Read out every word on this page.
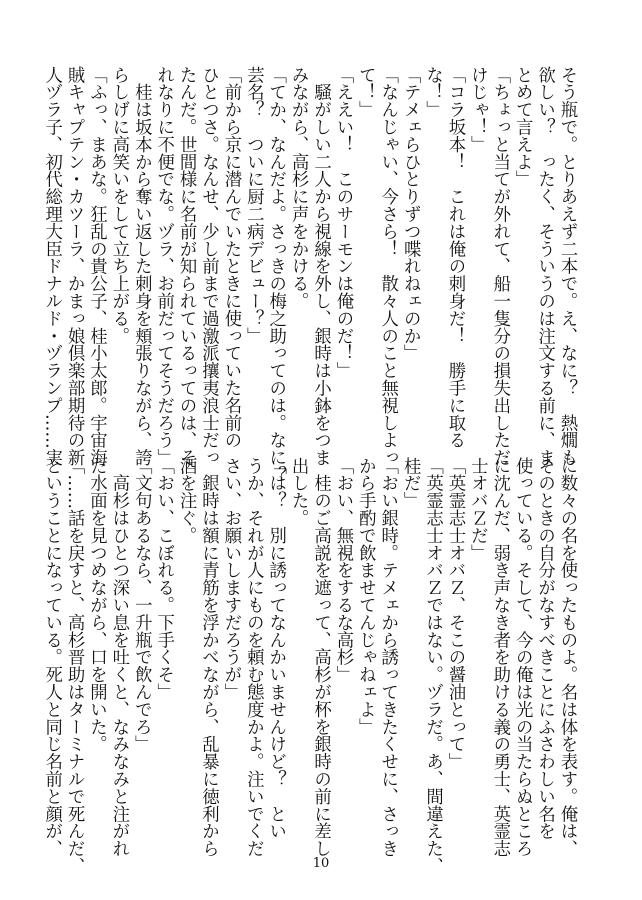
そう瓶で。とりあえず二本で。え、なに？　熱燗も
欲しい？　ったく、そういうのは注文する前に、ま
とめて言えよ」
「ちょっと当てが外れて、船一隻分の損失出しただ
けじゃ！」
「コラ坂本！　これは俺の刺身だ！　勝手に取る
な！」
「テメェらひとりずつ喋れねェのか」
「なんじゃい、今さら！　散々人のこと無視しよっ
て！」
「ええい！　このサーモンは俺のだ！」
　騒がしい二人から視線を外し、銀時は小鉢をつま
みながら、高杉に声をかける。
「てか、なんだよ。さっきの梅之助ってのは。なに？
芸名？　ついに厨二病デビュー？」
「前から京に潜んでいたときに使っていた名前の
ひとつさ。なんせ、少し前まで過激派攘夷浪士だっ
たんだ。世間様に名前が知られているってのは、そ
れなりに不便でな。ヅラ、お前だってそうだろう」
　桂は坂本から奪い返した刺身を頬張りながら、誇
らしげに高笑いをして立ち上がる。
「ふっ、まあな。狂乱の貴公子、桂小太郎。宇宙海
賊キャプテン・カツーラ、かまっ娘倶楽部期待の新
人ヅラ子、初代総理大臣ドナルド・ヅランプ……実
に数々の名を使ったものよ。名は体を表す。俺は、
そのときの自分がなすべきことにふさわしい名を
使っている。そして、今の俺は光の当たらぬところ
に沈んだ、弱き声なき者を助ける義の勇士、英霊志
士オバＺだ」
「英霊志士オバＺ、そこの醤油とって」
「英霊志士オバＺではない。ヅラだ。あ、間違えた、
桂だ」
「おい銀時。テメェから誘ってきたくせに、さっき
から手酌で飲ませてんじゃねェよ」
「おい、無視をするな高杉」
　桂のご高説を遮って、高杉が杯を銀時の前に差し
出した。
「は？　別に誘ってなんかいませんけど？　とい
うか、それが人にものを頼む態度かよ。注いでくだ
さい、お願いしますだろうが」
　銀時は額に青筋を浮かべながら、乱暴に徳利から
酒を注ぐ。
「おい、こぼれる。下手くそ」
「文句あるなら、一升瓶で飲んでろ」
　高杉はひとつ深い息を吐くと、なみなみと注がれ
た水面を見つめながら、口を開いた。
「……話を戻すと、高杉晋助はターミナルで死んだ、
ということになっている。死人と同じ名前と顔が、
10
